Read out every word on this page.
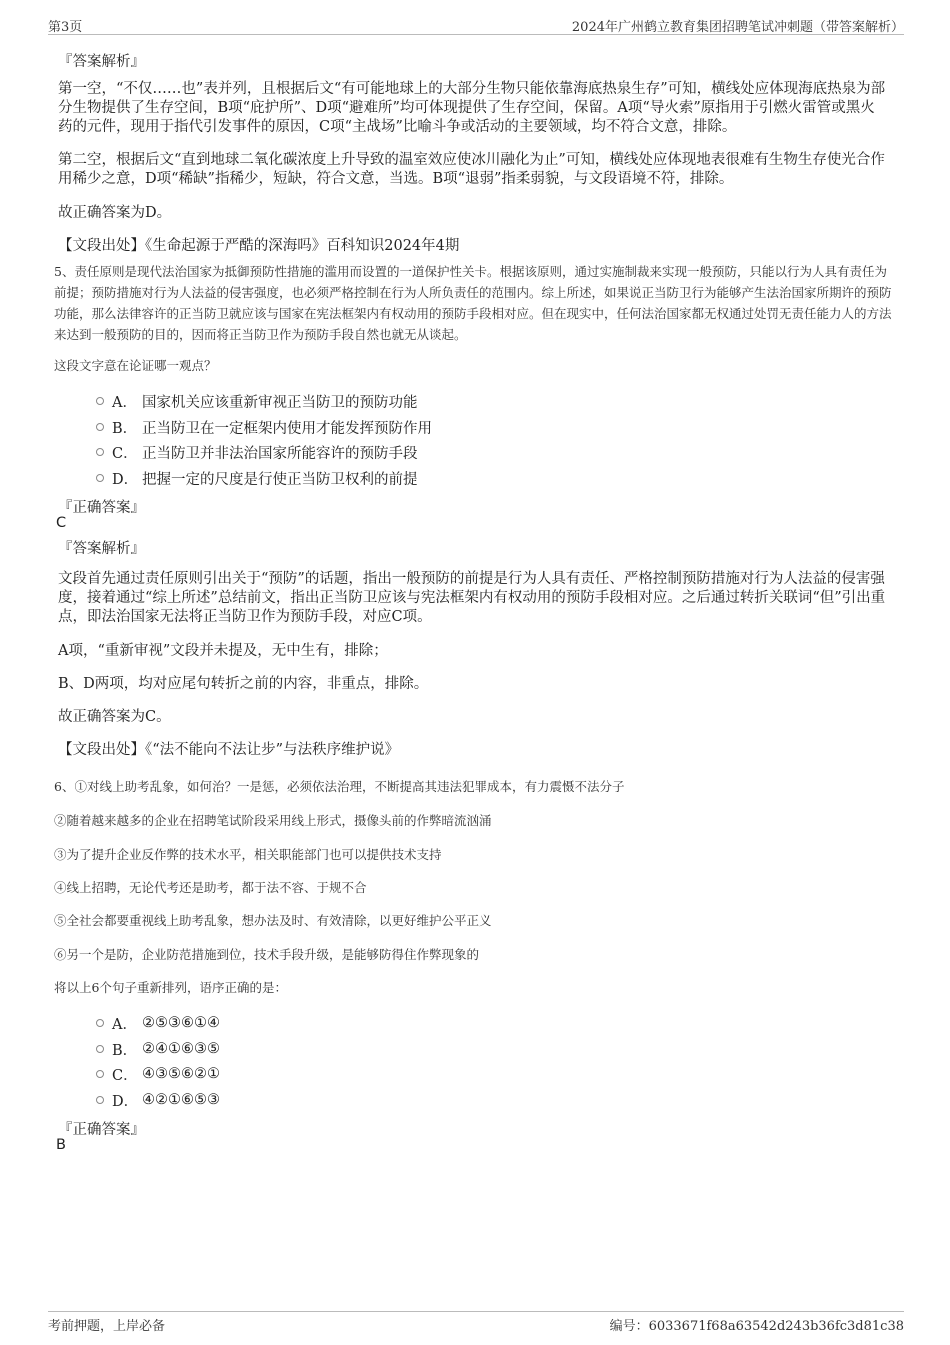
第3页	2024年广州鹤立教育集团招聘笔试冲刺题（带答案解析）
『答案解析』
第一空，“不仅……也”表并列，且根据后文“有可能地球上的大部分生物只能依靠海底热泉生存”可知，横线处应体现海底热泉为部分生物提供了生存空间，B项“庇护所”、D项“避难所”均可体现提供了生存空间，保留。A项“导火索”原指用于引燃火雷管或黑火药的元件，现用于指代引发事件的原因，C项“主战场”比喻斗争或活动的主要领域，均不符合文意，排除。
第二空，根据后文“直到地球二氧化碳浓度上升导致的温室效应使冰川融化为止”可知，横线处应体现地表很难有生物生存使光合作用稀少之意，D项“稀缺”指稀少，短缺，符合文意，当选。B项“退弱”指柔弱貌，与文段语境不符，排除。
故正确答案为D。
【文段出处】《生命起源于严酷的深海吗》百科知识2024年4期
5、责任原则是现代法治国家为抵御预防性措施的滥用而设置的一道保护性关卡。根据该原则，通过实施制裁来实现一般预防，只能以行为人具有责任为前提；预防措施对行为人法益的侵害强度，也必须严格控制在行为人所负责任的范围内。综上所述，如果说正当防卫行为能够产生法治国家所期许的预防功能，那么法律容许的正当防卫就应该与国家在宪法框架内有权动用的预防手段相对应。但在现实中，任何法治国家都无权通过处罚无责任能力人的方法来达到一般预防的目的，因而将正当防卫作为预防手段自然也就无从谈起。
这段文字意在论证哪一观点？
A． 国家机关应该重新审视正当防卫的预防功能
B． 正当防卫在一定框架内使用才能发挥预防作用
C． 正当防卫并非法治国家所能容许的预防手段
D． 把握一定的尺度是行使正当防卫权利的前提
『正确答案』
C
『答案解析』
文段首先通过责任原则引出关于“预防”的话题，指出一般预防的前提是行为人具有责任、严格控制预防措施对行为人法益的侵害强度，接着通过“综上所述”总结前文，指出正当防卫应该与宪法框架内有权动用的预防手段相对应。之后通过转折关联词“但”引出重点，即法治国家无法将正当防卫作为预防手段，对应C项。
A项，“重新审视”文段并未提及，无中生有，排除；
B、D两项，均对应尾句转折之前的内容，非重点，排除。
故正确答案为C。
【文段出处】《“法不能向不法让步”与法秩序维护说》
6、①对线上助考乱象，如何治？一是惩，必须依法治理，不断提高其违法犯罪成本，有力震慑不法分子
②随着越来越多的企业在招聘笔试阶段采用线上形式，摄像头前的作弊暗流汹涌
③为了提升企业反作弊的技术水平，相关职能部门也可以提供技术支持
④线上招聘，无论代考还是助考，都于法不容、于规不合
⑤全社会都要重视线上助考乱象，想办法及时、有效清除，以更好维护公平正义
⑥另一个是防，企业防范措施到位，技术手段升级，是能够防得住作弊现象的
将以上6个句子重新排列，语序正确的是：
A． ②⑤③⑥①④
B． ②④①⑥③⑤
C． ④③⑤⑥②①
D． ④②①⑥⑤③
『正确答案』
B
考前押题，上岸必备	编号：6033671f68a63542d243b36fc3d81c38
